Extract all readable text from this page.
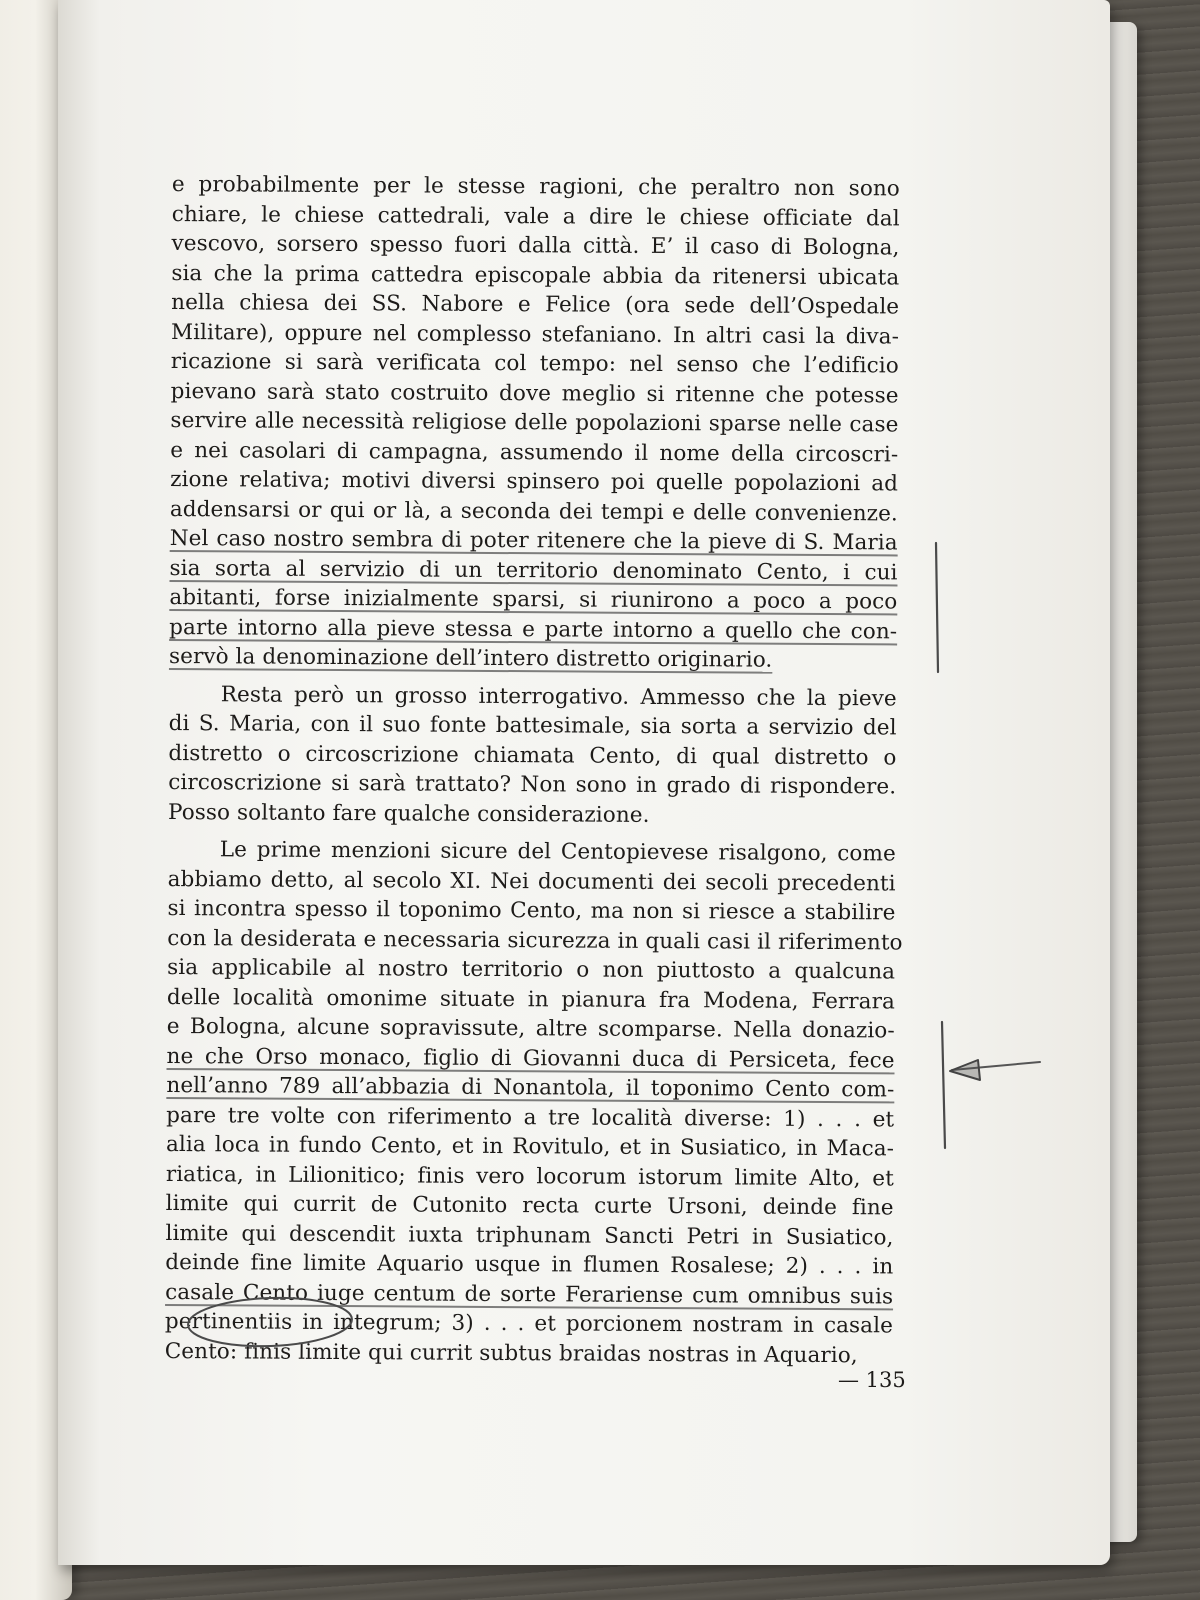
e probabilmente per le stesse ragioni, che peraltro non sono
chiare, le chiese cattedrali, vale a dire le chiese officiate dal
vescovo, sorsero spesso fuori dalla città. E’ il caso di Bologna,
sia che la prima cattedra episcopale abbia da ritenersi ubicata
nella chiesa dei SS. Nabore e Felice (ora sede dell’Ospedale
Militare), oppure nel complesso stefaniano. In altri casi la diva-
ricazione si sarà verificata col tempo: nel senso che l’edificio
pievano sarà stato costruito dove meglio si ritenne che potesse
servire alle necessità religiose delle popolazioni sparse nelle case
e nei casolari di campagna, assumendo il nome della circoscri-
zione relativa; motivi diversi spinsero poi quelle popolazioni ad
addensarsi or qui or là, a seconda dei tempi e delle convenienze.
Nel caso nostro sembra di poter ritenere che la pieve di S. Maria
sia sorta al servizio di un territorio denominato Cento, i cui
abitanti, forse inizialmente sparsi, si riunirono a poco a poco
parte intorno alla pieve stessa e parte intorno a quello che con-
servò la denominazione dell’intero distretto originario.
Resta però un grosso interrogativo. Ammesso che la pieve
di S. Maria, con il suo fonte battesimale, sia sorta a servizio del
distretto o circoscrizione chiamata Cento, di qual distretto o
circoscrizione si sarà trattato? Non sono in grado di rispondere.
Posso soltanto fare qualche considerazione.
Le prime menzioni sicure del Centopievese risalgono, come
abbiamo detto, al secolo XI. Nei documenti dei secoli precedenti
si incontra spesso il toponimo Cento, ma non si riesce a stabilire
con la desiderata e necessaria sicurezza in quali casi il riferimento
sia applicabile al nostro territorio o non piuttosto a qualcuna
delle località omonime situate in pianura fra Modena, Ferrara
e Bologna, alcune sopravissute, altre scomparse. Nella donazio-
ne che Orso monaco, figlio di Giovanni duca di Persiceta, fece
nell’anno 789 all’abbazia di Nonantola, il toponimo Cento com-
pare tre volte con riferimento a tre località diverse: 1) . . . et
alia loca in fundo Cento, et in Rovitulo, et in Susiatico, in Maca-
riatica, in Lilionitico; finis vero locorum istorum limite Alto, et
limite qui currit de Cutonito recta curte Ursoni, deinde fine
limite qui descendit iuxta triphunam Sancti Petri in Susiatico,
deinde fine limite Aquario usque in flumen Rosalese; 2) . . . in
casale Cento iuge centum de sorte Ferariense cum omnibus suis
pertinentiis in integrum; 3) . . . et porcionem nostram in casale
Cento: finis limite qui currit subtus braidas nostras in Aquario,
— 135
